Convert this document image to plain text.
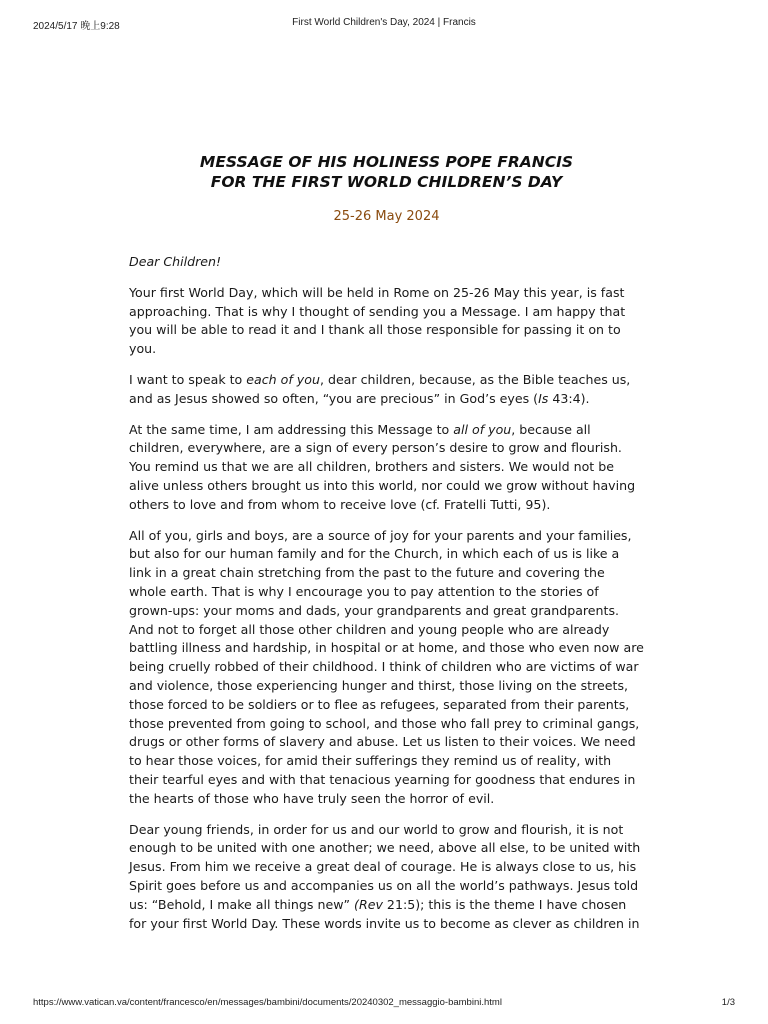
2024/5/17 晚上9:28	First World Children's Day, 2024 | Francis
MESSAGE OF HIS HOLINESS POPE FRANCIS
FOR THE FIRST WORLD CHILDREN’S DAY
25-26 May 2024

Dear Children!

Your first World Day, which will be held in Rome on 25-26 May this year, is fast approaching. That is why I thought of sending you a Message. I am happy that you will be able to read it and I thank all those responsible for passing it on to you.

I want to speak to each of you, dear children, because, as the Bible teaches us, and as Jesus showed so often, “you are precious” in God’s eyes (Is 43:4).

At the same time, I am addressing this Message to all of you, because all children, everywhere, are a sign of every person’s desire to grow and flourish. You remind us that we are all children, brothers and sisters. We would not be alive unless others brought us into this world, nor could we grow without having others to love and from whom to receive love (cf. Fratelli Tutti, 95).

All of you, girls and boys, are a source of joy for your parents and your families, but also for our human family and for the Church, in which each of us is like a link in a great chain stretching from the past to the future and covering the whole earth. That is why I encourage you to pay attention to the stories of grown-ups: your moms and dads, your grandparents and great grandparents. And not to forget all those other children and young people who are already battling illness and hardship, in hospital or at home, and those who even now are being cruelly robbed of their childhood. I think of children who are victims of war and violence, those experiencing hunger and thirst, those living on the streets, those forced to be soldiers or to flee as refugees, separated from their parents, those prevented from going to school, and those who fall prey to criminal gangs, drugs or other forms of slavery and abuse. Let us listen to their voices. We need to hear those voices, for amid their sufferings they remind us of reality, with their tearful eyes and with that tenacious yearning for goodness that endures in the hearts of those who have truly seen the horror of evil.

Dear young friends, in order for us and our world to grow and flourish, it is not enough to be united with one another; we need, above all else, to be united with Jesus. From him we receive a great deal of courage. He is always close to us, his Spirit goes before us and accompanies us on all the world’s pathways. Jesus told us: “Behold, I make all things new” (Rev 21:5); this is the theme I have chosen for your first World Day. These words invite us to become as clever as children in

https://www.vatican.va/content/francesco/en/messages/bambini/documents/20240302_messaggio-bambini.html	1/3
